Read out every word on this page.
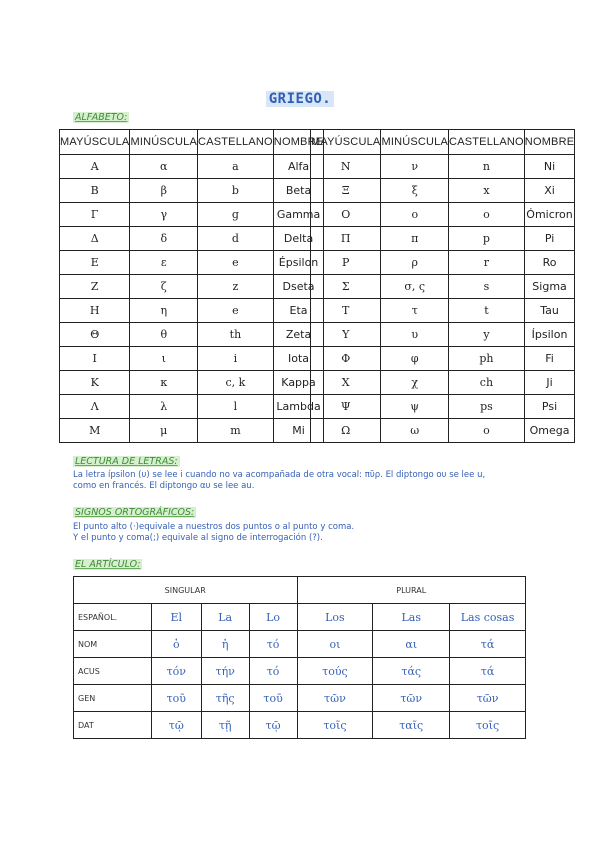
GRIEGO.
ALFABETO:
MAYÚSCULA	MINÚSCULA	CASTELLANO	NOMBRE
Α	α	a	Alfa
Β	β	b	Beta
Γ	γ	g	Gamma
Δ	δ	d	Delta
Ε	ε	e	Épsilon
Ζ	ζ	z	Dseta
Η	η	e	Eta
Θ	θ	th	Zeta
Ι	ι	i	Iota
Κ	κ	c, k	Kappa
Λ	λ	l	Lambda
Μ	μ	m	Mi
MAYÚSCULA	MINÚSCULA	CASTELLANO	NOMBRE
Ν	ν	n	Ni
Ξ	ξ	x	Xi
Ο	ο	o	Ómicron
Π	π	p	Pi
Ρ	ρ	r	Ro
Σ	σ, ς	s	Sigma
Τ	τ	t	Tau
Υ	υ	y	Ípsilon
Φ	φ	ph	Fi
Χ	χ	ch	Ji
Ψ	ψ	ps	Psi
Ω	ω	o	Omega
LECTURA DE LETRAS:
La letra ípsilon (υ) se lee i cuando no va acompañada de otra vocal: πῦρ. El diptongo ου se lee u,
como en francés. El diptongo αυ se lee au.
SIGNOS ORTOGRÁFICOS:
El punto alto (·)equivale a nuestros dos puntos o al punto y coma.
Y el punto y coma(;) equivale al signo de interrogación (?).
EL ARTÍCULO:
SINGULAR				PLURAL		
ESPAÑOL.	El	La	Lo	Los	Las	Las cosas
NOM	ὁ	ἡ	τό	οι	αι	τά
ACUS	τόν	τήν	τό	τούς	τάς	τά
GEN	τοῦ	τῆς	τοῦ	τῶν	τῶν	τῶν
DAT	τῷ	τῇ	τῷ	τοῖς	ταῖς	τοῖς
